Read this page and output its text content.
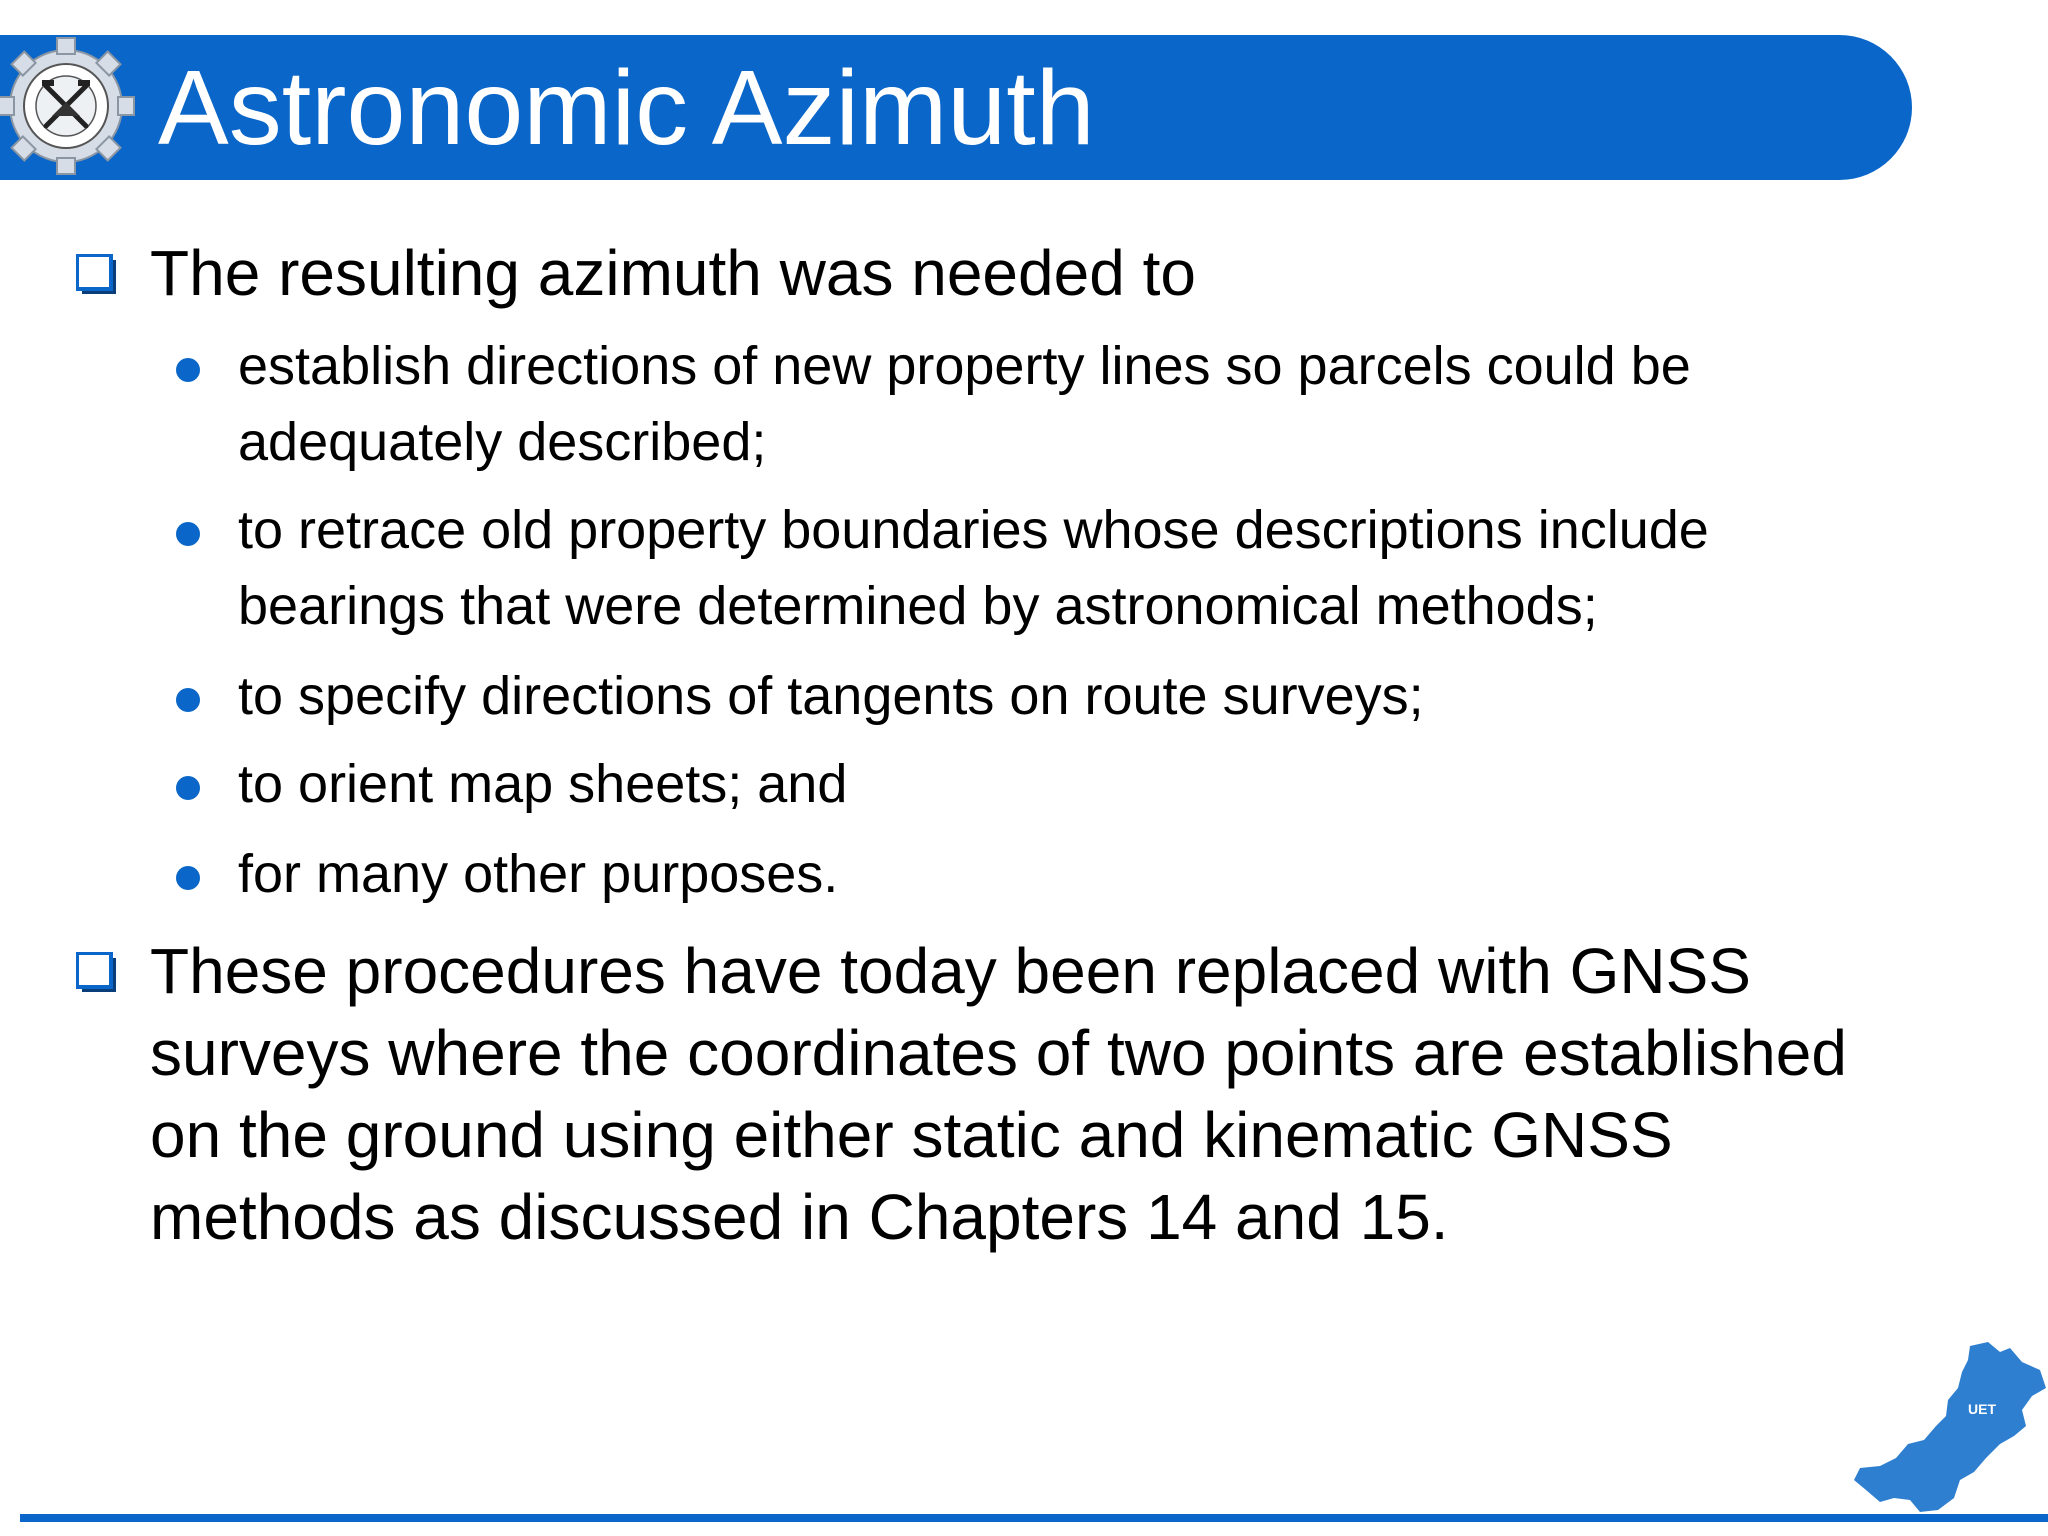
Astronomic Azimuth
The resulting azimuth was needed to
establish directions of new property lines so parcels could be
adequately described;
to retrace old property boundaries whose descriptions include
bearings that were determined by astronomical methods;
to specify directions of tangents on route surveys;
to orient map sheets; and
for many other purposes.
These procedures have today been replaced with GNSS
surveys where the coordinates of two points are established
on the ground using either static and kinematic GNSS
methods as discussed in Chapters 14 and 15.
UET
